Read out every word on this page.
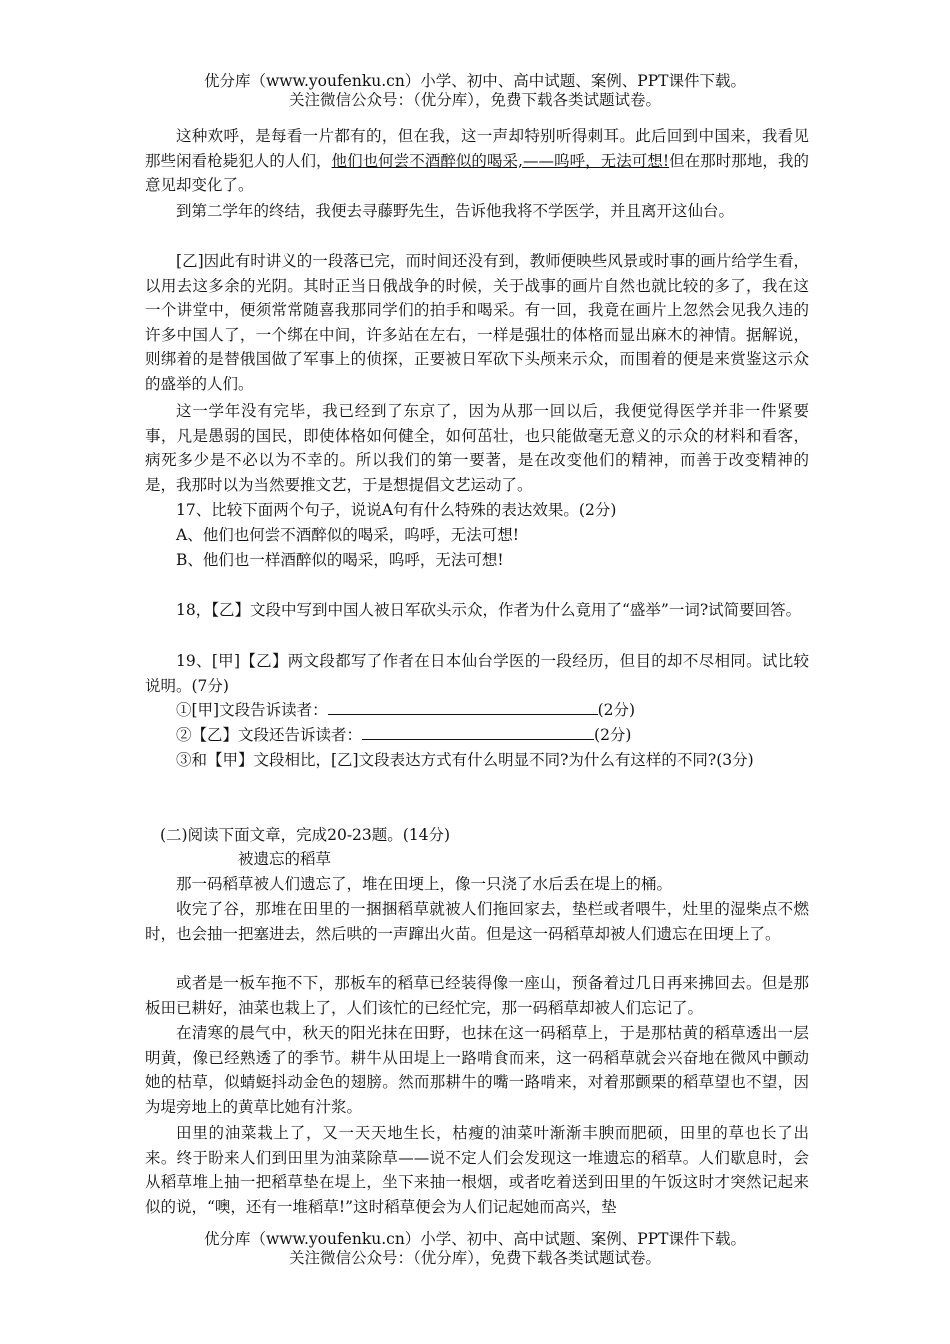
优分库（www.youfenku.cn）小学、初中、高中试题、案例、PPT课件下载。
关注微信公众号：（优分库），免费下载各类试题试卷。
这种欢呼，是每看一片都有的，但在我，这一声却特别听得刺耳。此后回到中国来，我看见那些闲看枪毙犯人的人们，他们也何尝不酒醉似的喝采,——呜呼，无法可想!但在那时那地，我的意见却变化了。
到第二学年的终结，我便去寻藤野先生，告诉他我将不学医学，并且离开这仙台。
[乙]因此有时讲义的一段落已完，而时间还没有到，教师便映些风景或时事的画片给学生看，以用去这多余的光阴。其时正当日俄战争的时候，关于战事的画片自然也就比较的多了，我在这一个讲堂中，便须常常随喜我那同学们的拍手和喝采。有一回，我竟在画片上忽然会见我久违的许多中国人了，一个绑在中间，许多站在左右，一样是强壮的体格而显出麻木的神情。据解说，则绑着的是替俄国做了军事上的侦探，正要被日军砍下头颅来示众，而围着的便是来赏鉴这示众的盛举的人们。
这一学年没有完毕，我已经到了东京了，因为从那一回以后，我便觉得医学并非一件紧要事，凡是愚弱的国民，即使体格如何健全，如何茁壮，也只能做毫无意义的示众的材料和看客，病死多少是不必以为不幸的。所以我们的第一要著，是在改变他们的精神，而善于改变精神的是，我那时以为当然要推文艺，于是想提倡文艺运动了。
17、比较下面两个句子，说说A句有什么特殊的表达效果。(2分)
A、他们也何尝不酒醉似的喝采，呜呼，无法可想!
B、他们也一样酒醉似的喝采，呜呼，无法可想!
18，【乙】文段中写到中国人被日军砍头示众，作者为什么竟用了“盛举”一词?试简要回答。
19、[甲]【乙】两文段都写了作者在日本仙台学医的一段经历，但目的却不尽相同。试比较说明。(7分)
①[甲]文段告诉读者：	(2分)
②【乙】文段还告诉读者：	(2分)
③和【甲】文段相比，[乙]文段表达方式有什么明显不同?为什么有这样的不同?(3分)
(二)阅读下面文章，完成20-23题。(14分)
被遗忘的稻草
那一码稻草被人们遗忘了，堆在田埂上，像一只浇了水后丢在堤上的桶。
收完了谷，那堆在田里的一捆捆稻草就被人们拖回家去，垫栏或者喂牛，灶里的湿柴点不燃时，也会抽一把塞进去，然后哄的一声蹿出火苗。但是这一码稻草却被人们遗忘在田埂上了。
或者是一板车拖不下，那板车的稻草已经装得像一座山，预备着过几日再来拂回去。但是那板田已耕好，油菜也栽上了，人们该忙的已经忙完，那一码稻草却被人们忘记了。
在清寒的晨气中，秋天的阳光抹在田野，也抹在这一码稻草上，于是那枯黄的稻草透出一层明黄，像已经熟透了的季节。耕牛从田堤上一路啃食而来，这一码稻草就会兴奋地在微风中颤动她的枯草，似蜻蜓抖动金色的翅膀。然而那耕牛的嘴一路啃来，对着那颤栗的稻草望也不望，因为堤旁地上的黄草比她有汁浆。
田里的油菜栽上了，又一天天地生长，枯瘦的油菜叶渐渐丰腴而肥硕，田里的草也长了出来。终于盼来人们到田里为油菜除草——说不定人们会发现这一堆遗忘的稻草。人们歇息时，会从稻草堆上抽一把稻草垫在堤上，坐下来抽一根烟，或者吃着送到田里的午饭这时才突然记起来似的说，“噢，还有一堆稻草!”这时稻草便会为人们记起她而高兴，垫
优分库（www.youfenku.cn）小学、初中、高中试题、案例、PPT课件下载。
关注微信公众号：（优分库），免费下载各类试题试卷。
